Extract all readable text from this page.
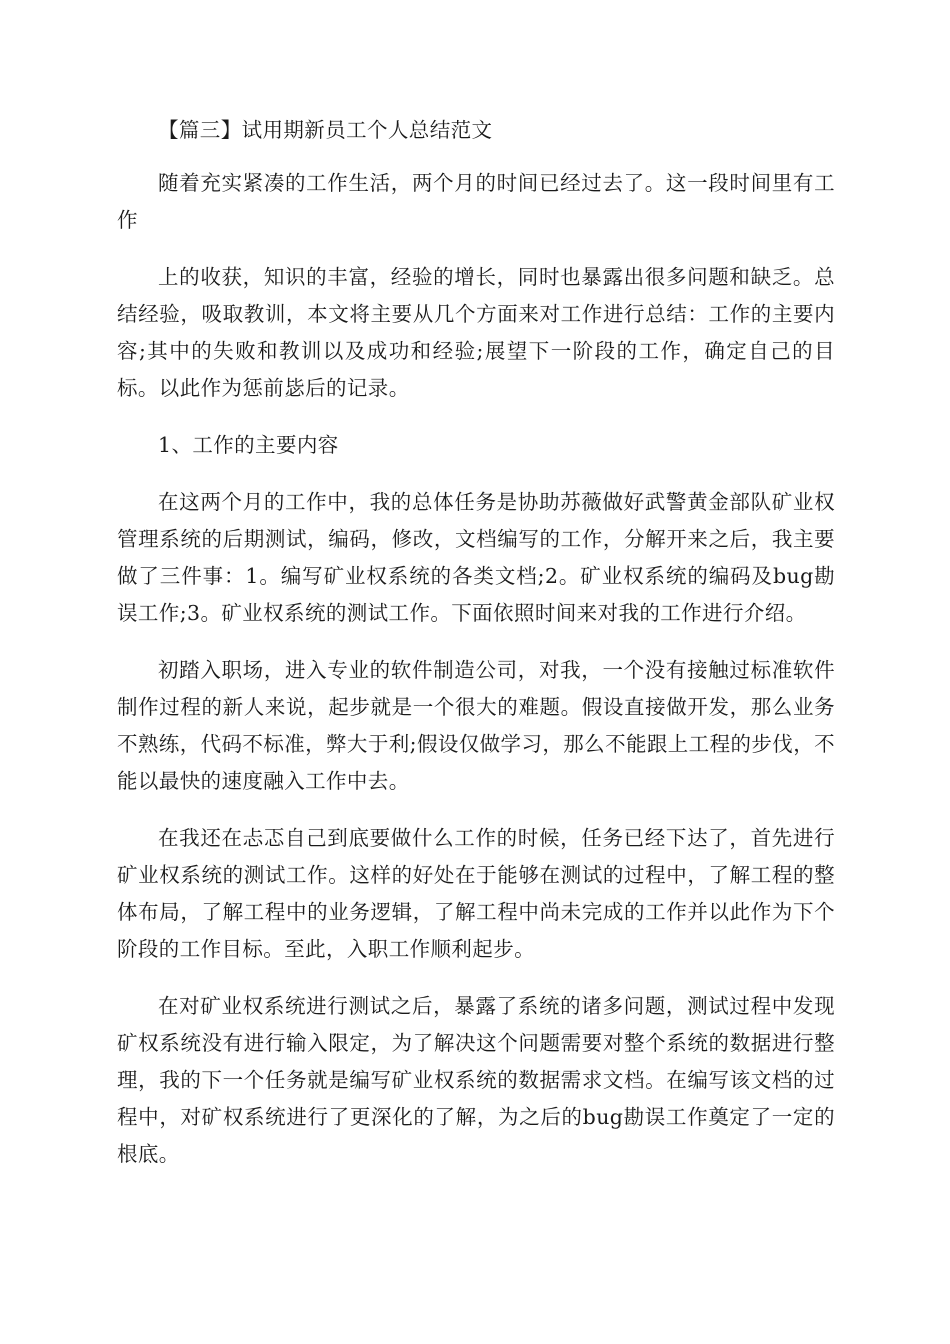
【篇三】试用期新员工个人总结范文

随着充实紧凑的工作生活，两个月的时间已经过去了。这一段时间里有工作

上的收获，知识的丰富，经验的增长，同时也暴露出很多问题和缺乏。总结经验，吸取教训，本文将主要从几个方面来对工作进行总结：工作的主要内容;其中的失败和教训以及成功和经验;展望下一阶段的工作，确定自己的目标。以此作为惩前毖后的记录。

1、工作的主要内容

在这两个月的工作中，我的总体任务是协助苏薇做好武警黄金部队矿业权管理系统的后期测试，编码，修改，文档编写的工作，分解开来之后，我主要做了三件事：1。编写矿业权系统的各类文档;2。矿业权系统的编码及bug勘误工作;3。矿业权系统的测试工作。下面依照时间来对我的工作进行介绍。

初踏入职场，进入专业的软件制造公司，对我，一个没有接触过标准软件制作过程的新人来说，起步就是一个很大的难题。假设直接做开发，那么业务不熟练，代码不标准，弊大于利;假设仅做学习，那么不能跟上工程的步伐，不能以最快的速度融入工作中去。

在我还在忐忑自己到底要做什么工作的时候，任务已经下达了，首先进行矿业权系统的测试工作。这样的好处在于能够在测试的过程中，了解工程的整体布局，了解工程中的业务逻辑，了解工程中尚未完成的工作并以此作为下个阶段的工作目标。至此，入职工作顺利起步。

在对矿业权系统进行测试之后，暴露了系统的诸多问题，测试过程中发现矿权系统没有进行输入限定，为了解决这个问题需要对整个系统的数据进行整理，我的下一个任务就是编写矿业权系统的数据需求文档。在编写该文档的过程中，对矿权系统进行了更深化的了解，为之后的bug勘误工作奠定了一定的根底。
